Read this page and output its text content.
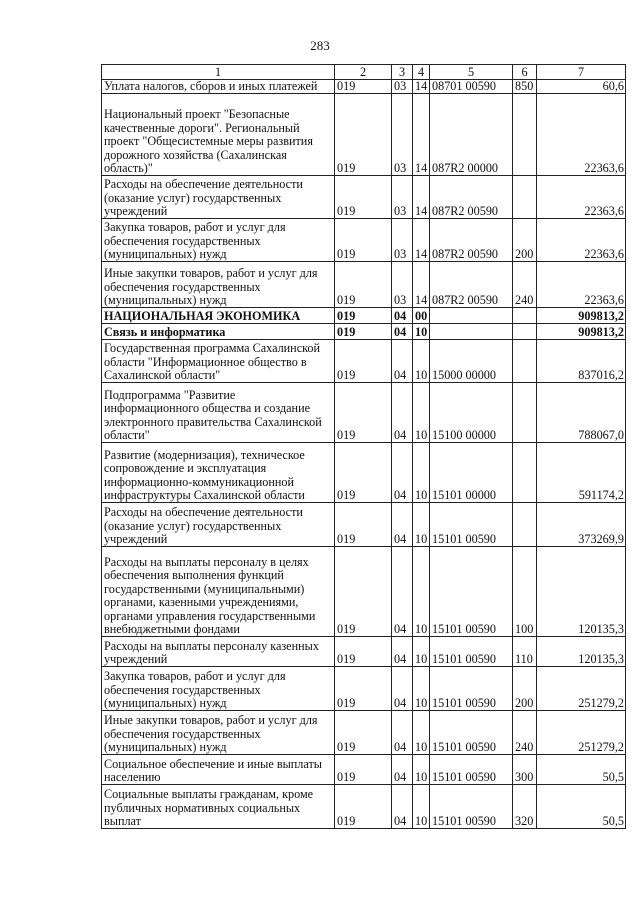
283
1	2	3	4	5	6	7
Уплата налогов, сборов и иных платежей	019	03	14	08701 00590	850	60,6
Национальный проект "Безопасные качественные дороги". Региональный проект "Общесистемные меры развития дорожного хозяйства (Сахалинская область)"	019	03	14	087R2 00000		22363,6
Расходы на обеспечение деятельности (оказание услуг) государственных учреждений	019	03	14	087R2 00590		22363,6
Закупка товаров, работ и услуг для обеспечения государственных (муниципальных) нужд	019	03	14	087R2 00590	200	22363,6
Иные закупки товаров, работ и услуг для обеспечения государственных (муниципальных) нужд	019	03	14	087R2 00590	240	22363,6
НАЦИОНАЛЬНАЯ ЭКОНОМИКА	019	04	00			909813,2
Связь и информатика	019	04	10			909813,2
Государственная программа Сахалинской области "Информационное общество в Сахалинской области"	019	04	10	15000 00000		837016,2
Подпрограмма "Развитие информационного общества и создание электронного правительства Сахалинской области"	019	04	10	15100 00000		788067,0
Развитие (модернизация), техническое сопровождение и эксплуатация информационно-коммуникационной инфраструктуры Сахалинской области	019	04	10	15101 00000		591174,2
Расходы на обеспечение деятельности (оказание услуг) государственных учреждений	019	04	10	15101 00590		373269,9
Расходы на выплаты персоналу в целях обеспечения выполнения функций государственными (муниципальными) органами, казенными учреждениями, органами управления государственными внебюджетными фондами	019	04	10	15101 00590	100	120135,3
Расходы на выплаты персоналу казенных учреждений	019	04	10	15101 00590	110	120135,3
Закупка товаров, работ и услуг для обеспечения государственных (муниципальных) нужд	019	04	10	15101 00590	200	251279,2
Иные закупки товаров, работ и услуг для обеспечения государственных (муниципальных) нужд	019	04	10	15101 00590	240	251279,2
Социальное обеспечение и иные выплаты населению	019	04	10	15101 00590	300	50,5
Социальные выплаты гражданам, кроме публичных нормативных социальных выплат	019	04	10	15101 00590	320	50,5
